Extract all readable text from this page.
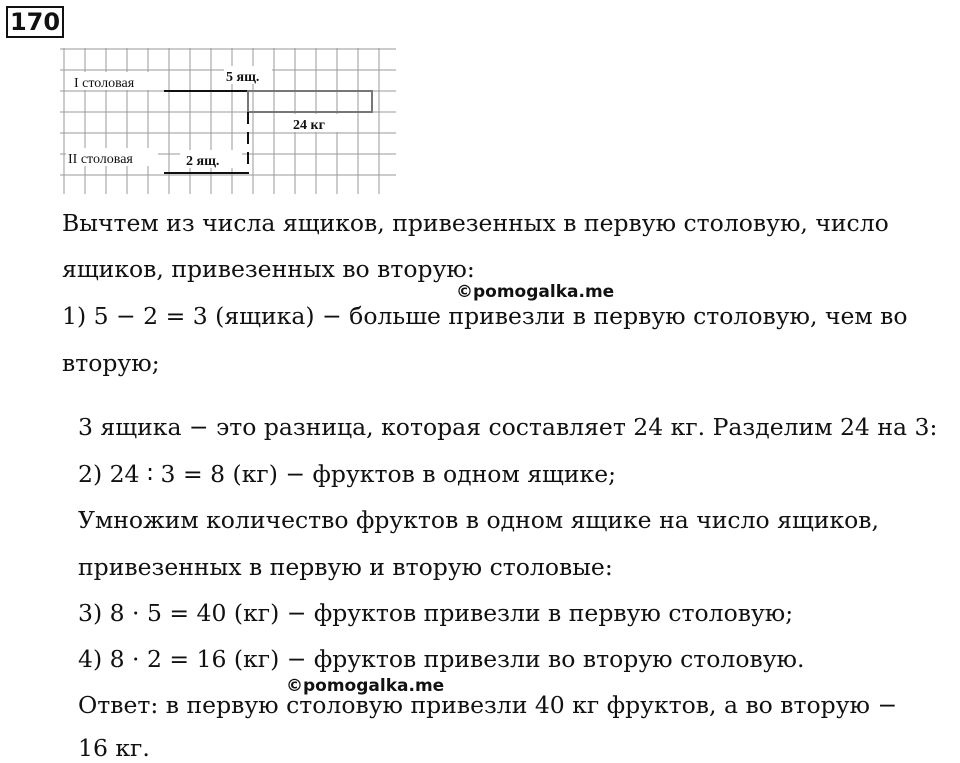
170
I столовая
II столовая
5 ящ.
24 кг
2 ящ.
Вычтем из числа ящиков, привезенных в первую столовую, число
ящиков, привезенных во вторую:
1) 5 − 2 = 3 (ящика) − больше привезли в первую столовую, чем во
вторую;
3 ящика − это разница, которая составляет 24 кг. Разделим 24 на 3:
2) 24 ∶ 3 = 8 (кг) − фруктов в одном ящике;
Умножим количество фруктов в одном ящике на число ящиков,
привезенных в первую и вторую столовые:
3) 8 · 5 = 40 (кг) − фруктов привезли в первую столовую;
4) 8 · 2 = 16 (кг) − фруктов привезли во вторую столовую.
Ответ: в первую столовую привезли 40 кг фруктов, а во вторую −
16 кг.
©pomogalka.me
©pomogalka.me
